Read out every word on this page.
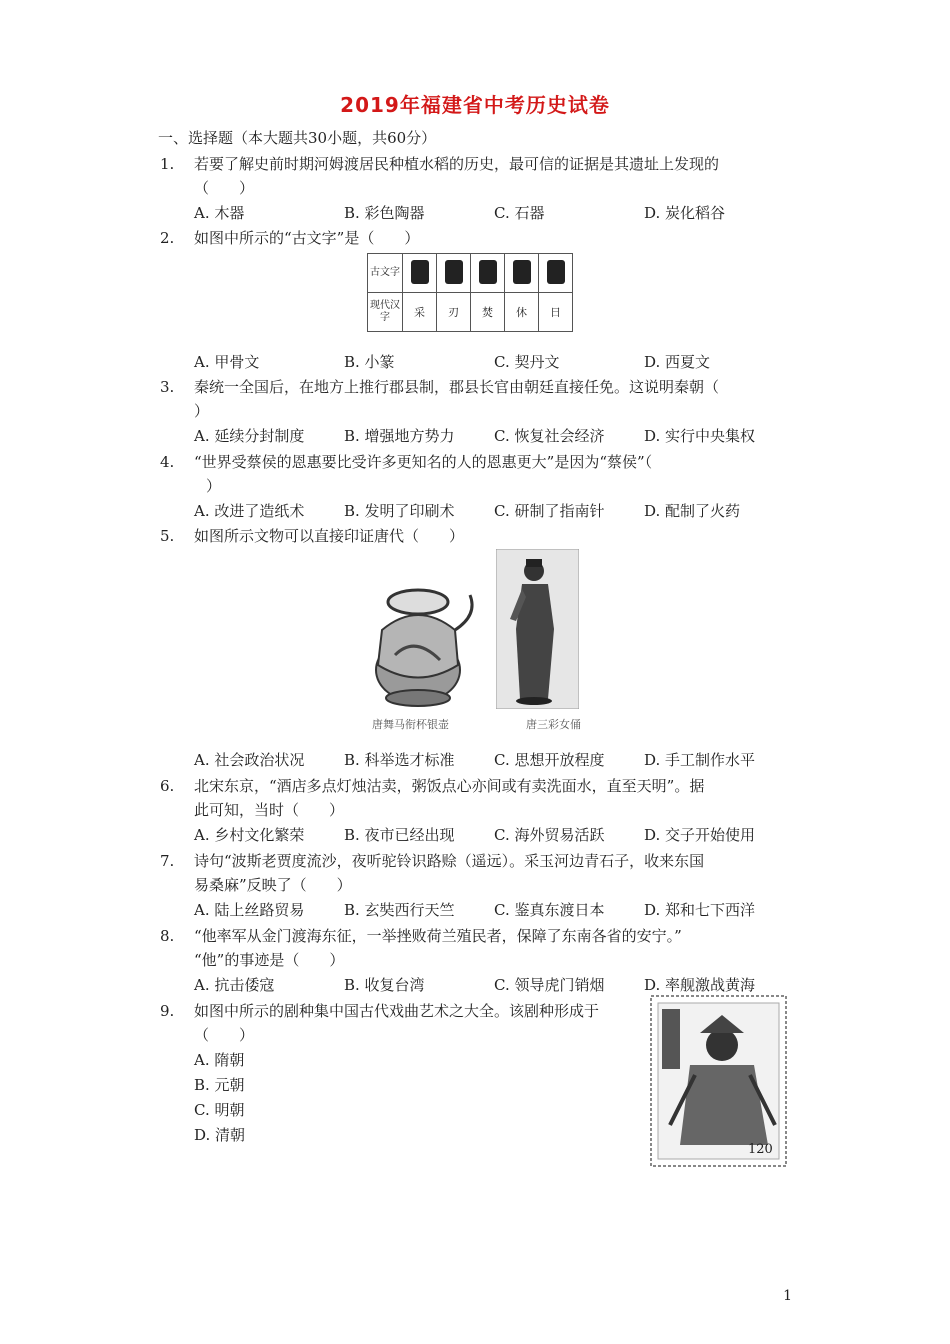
2019年福建省中考历史试卷
一、选择题（本大题共30小题，共60分）
1. 若要了解史前时期河姆渡居民种植水稻的历史，最可信的证据是其遗址上发现的
（　　）
A. 木器	B. 彩色陶器	C. 石器	D. 炭化稻谷
2. 如图中所示的“古文字”是（　　）
古文字					
现代汉字	采	刃	焚	休	日
A. 甲骨文	B. 小篆	C. 契丹文	D. 西夏文
3. 秦统一全国后，在地方上推行郡县制，郡县长官由朝廷直接任免。这说明秦朝（
）
A. 延续分封制度	B. 增强地方势力	C. 恢复社会经济	D. 实行中央集权
4. “世界受蔡侯的恩惠要比受许多更知名的人的恩惠更大”是因为“蔡侯”（
）
A. 改进了造纸术	B. 发明了印刷术	C. 研制了指南针	D. 配制了火药
5. 如图所示文物可以直接印证唐代（　　）
唐舞马衔杯银壶	唐三彩女俑
A. 社会政治状况	B. 科举选才标准	C. 思想开放程度	D. 手工制作水平
6. 北宋东京，“酒店多点灯烛沽卖，粥饭点心亦间或有卖洗面水，直至天明”。据
此可知，当时（　　）
A. 乡村文化繁荣	B. 夜市已经出现	C. 海外贸易活跃	D. 交子开始使用
7. 诗句“波斯老贾度流沙，夜听驼铃识路赊（遥远）。采玉河边青石子，收来东国
易桑麻”反映了（　　）
A. 陆上丝路贸易	B. 玄奘西行天竺	C. 鉴真东渡日本	D. 郑和七下西洋
8. “他率军从金门渡海东征，一举挫败荷兰殖民者，保障了东南各省的安宁。”
“他”的事迹是（　　）
A. 抗击倭寇	B. 收复台湾	C. 领导虎门销烟	D. 率舰激战黄海
9. 如图中所示的剧种集中国古代戏曲艺术之大全。该剧种形成于
（　　）
A. 隋朝
B. 元朝
C. 明朝
D. 清朝
120
1
